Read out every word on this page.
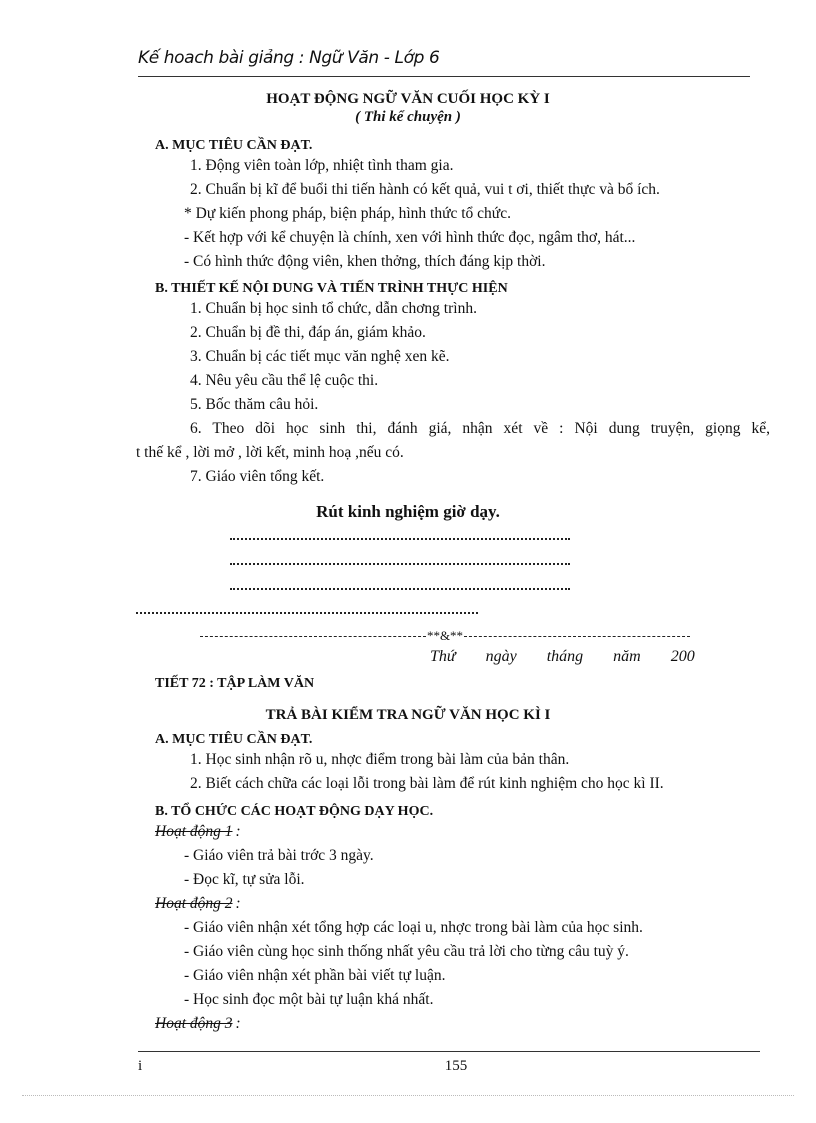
Kế hoach bài giảng : Ngữ Văn - Lớp 6
HOẠT ĐỘNG NGỮ VĂN CUỐI HỌC KỲ I
( Thi kể chuyện )
A. MỤC TIÊU CẦN ĐẠT.
1. Động viên toàn lớp, nhiệt tình tham gia.
2. Chuẩn bị kĩ để buổi thi tiến hành có kết quả, vui t ơi, thiết thực và bổ ích.
* Dự kiến phong pháp, biện pháp, hình thức tổ chức.
- Kết hợp với kể chuyện là chính, xen với hình thức đọc, ngâm thơ, hát...
- Có hình thức động viên, khen thởng, thích đáng kịp thời.
B. THIẾT KẾ NỘI DUNG VÀ TIẾN TRÌNH THỰC HIỆN
1. Chuẩn bị học sinh tổ chức, dẫn chơng trình.
2. Chuẩn bị đề thi, đáp án, giám khảo.
3. Chuẩn bị các tiết mục văn nghệ xen kẽ.
4. Nêu yêu cầu thể lệ cuộc thi.
5. Bốc thăm câu hỏi.
6. Theo dõi học sinh thi, đánh giá, nhận xét về : Nội dung truyện, giọng kể,
t thế kể , lời mở , lời kết, minh hoạ ,nếu có.
7. Giáo viên tổng kết.
Rút kinh nghiệm giờ dạy.
**&**
Thứ ngày tháng năm 200
TIẾT 72 : TẬP LÀM VĂN
TRẢ BÀI KIỂM TRA NGỮ VĂN HỌC KÌ I
A. MỤC TIÊU CẦN ĐẠT.
1. Học sinh nhận rõ u, nhợc điểm trong bài làm của bản thân.
2. Biết cách chữa các loại lỗi trong bài làm để rút kinh nghiệm cho học kì II.
B. TỔ CHỨC CÁC HOẠT ĐỘNG DẠY HỌC.
Hoạt động 1 :
- Giáo viên trả bài trớc 3 ngày.
- Đọc kĩ, tự sửa lỗi.
Hoạt động 2 :
- Giáo viên nhận xét tổng hợp các loại u, nhợc trong bài làm của học sinh.
- Giáo viên cùng học sinh thống nhất yêu cầu trả lời cho từng câu tuỳ ý.
- Giáo viên nhận xét phần bài viết tự luận.
- Học sinh đọc một bài tự luận khá nhất.
Hoạt động 3 :
i	155
